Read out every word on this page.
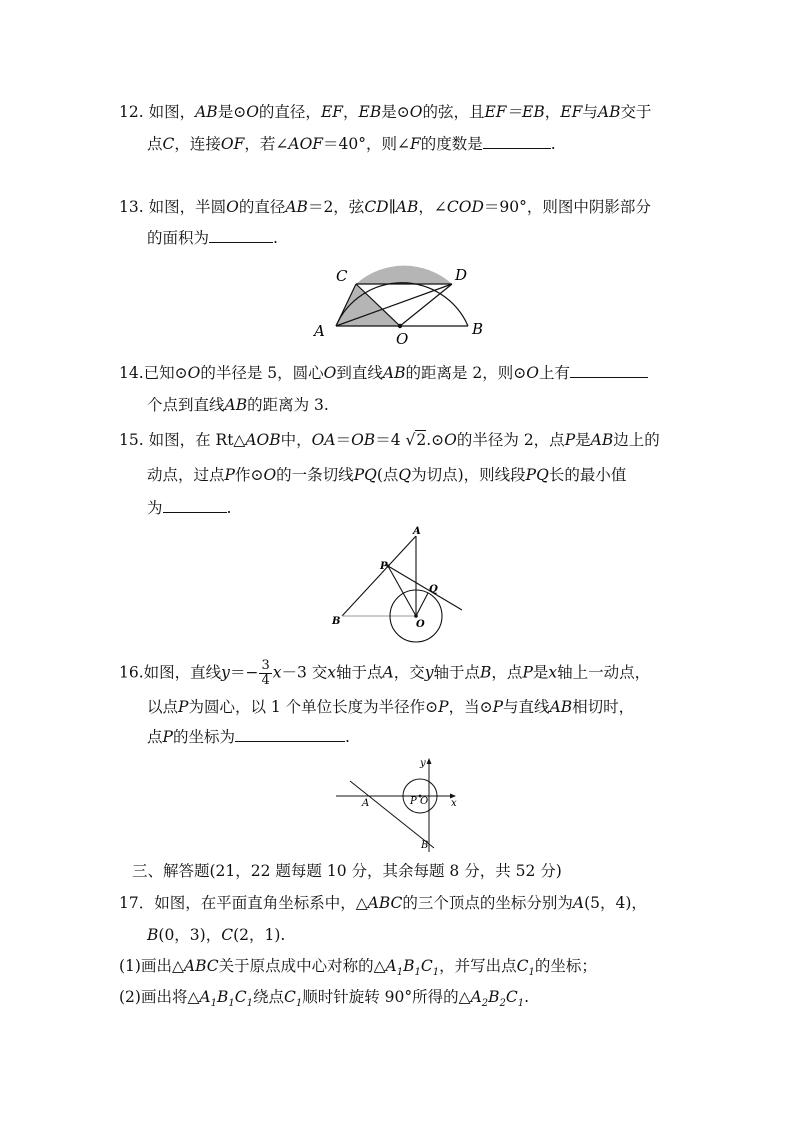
12. 如图，AB是⊙O的直径，EF，EB是⊙O的弦，且EF＝EB，EF与AB交于
点C，连接OF，若∠AOF＝40°，则∠F的度数是	.
13. 如图，半圆O的直径AB＝2，弦CD∥AB，∠COD＝90°，则图中阴影部分
的面积为	.
A
C	D
O
B
14.已知⊙O的半径是 5，圆心O到直线AB的距离是 2，则⊙O上有
个点到直线AB的距离为 3.
15. 如图，在 Rt△AOB中，OA＝OB＝4 √2.⊙O的半径为 2，点P是AB边上的
动点，过点P作⊙O的一条切线PQ(点Q为切点)，则线段PQ长的最小值
为	.
A
P
Q
B	O
16.如图，直线$y=- \frac{3}{4} x-3$ 交x轴于点A，交y轴于点B，点P是x轴上一动点，
以点P为圆心，以 1 个单位长度为半径作⊙P，当⊙P与直线AB相切时，
点P的坐标为	.
y
x
A	P O
B
三、解答题(21，22 题每题 10 分，其余每题 8 分，共 52 分)
17．如图，在平面直角坐标系中，△ABC的三个顶点的坐标分别为A(5，4)，
B(0，3)，C(2，1).
(1)画出△ABC关于原点成中心对称的$\triangle A_1B_1C_1$，并写出点$C_1$的坐标；
(2)画出将$\triangle A_1B_1C_1$绕点$C_1$顺时针旋转 90°所得的$\triangle A_2B_2C_1$.
